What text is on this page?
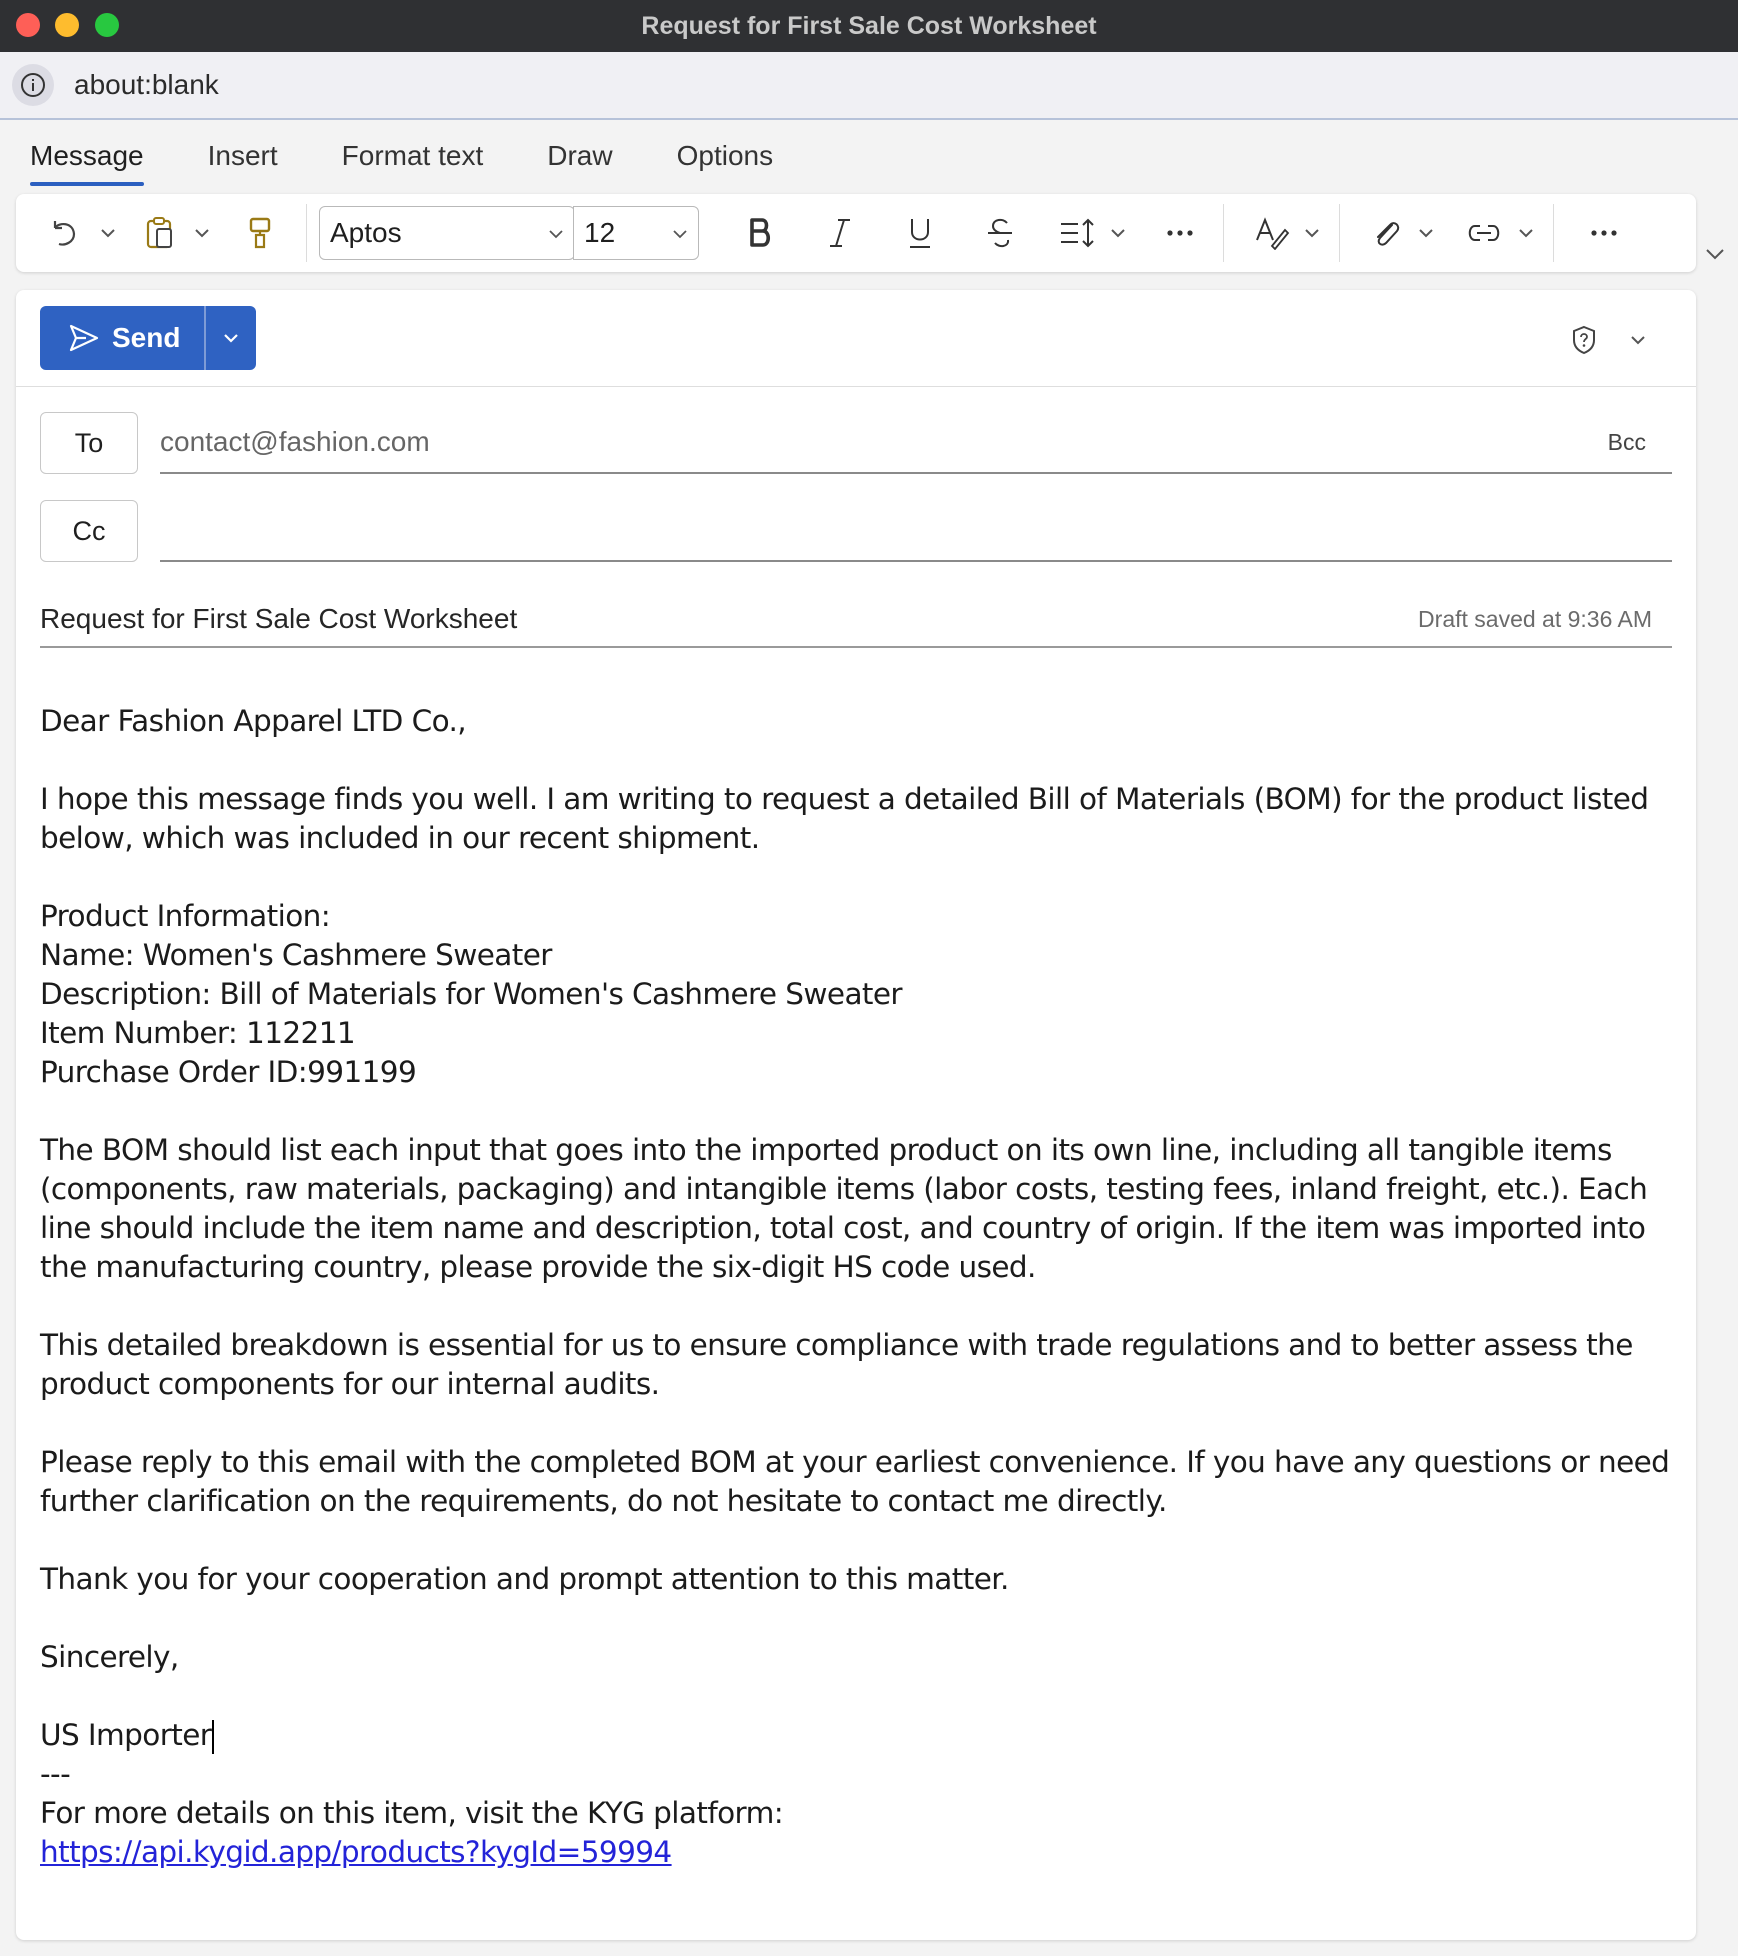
Request for First Sale Cost Worksheet
about:blank
Message Insert Format text Draw Options
Aptos	12
Send
To	contact@fashion.com	Bcc
Cc
Request for First Sale Cost Worksheet	Draft saved at 9:36 AM

Dear Fashion Apparel LTD Co.,

I hope this message finds you well. I am writing to request a detailed Bill of Materials (BOM) for the product listed below, which was included in our recent shipment.

Product Information:
Name: Women's Cashmere Sweater
Description: Bill of Materials for Women's Cashmere Sweater
Item Number: 112211
Purchase Order ID:991199

The BOM should list each input that goes into the imported product on its own line, including all tangible items (components, raw materials, packaging) and intangible items (labor costs, testing fees, inland freight, etc.). Each line should include the item name and description, total cost, and country of origin. If the item was imported into the manufacturing country, please provide the six-digit HS code used.

This detailed breakdown is essential for us to ensure compliance with trade regulations and to better assess the product components for our internal audits.

Please reply to this email with the completed BOM at your earliest convenience. If you have any questions or need further clarification on the requirements, do not hesitate to contact me directly.

Thank you for your cooperation and prompt attention to this matter.

Sincerely,

US Importer
---
For more details on this item, visit the KYG platform:
https://api.kygid.app/products?kygId=59994
